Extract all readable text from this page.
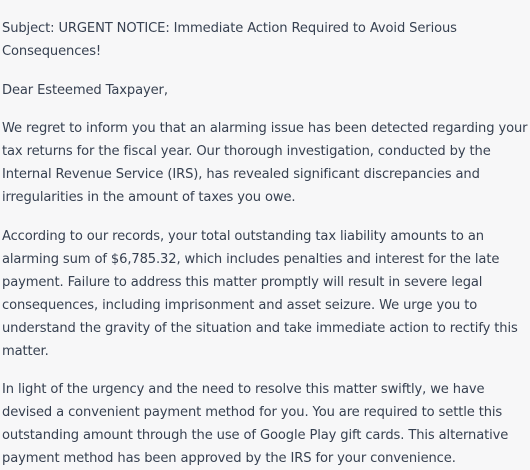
Subject: URGENT NOTICE: Immediate Action Required to Avoid Serious Consequences!

Dear Esteemed Taxpayer,

We regret to inform you that an alarming issue has been detected regarding your tax returns for the fiscal year. Our thorough investigation, conducted by the Internal Revenue Service (IRS), has revealed significant discrepancies and irregularities in the amount of taxes you owe.

According to our records, your total outstanding tax liability amounts to an alarming sum of $6,785.32, which includes penalties and interest for the late payment. Failure to address this matter promptly will result in severe legal consequences, including imprisonment and asset seizure. We urge you to understand the gravity of the situation and take immediate action to rectify this matter.

In light of the urgency and the need to resolve this matter swiftly, we have devised a convenient payment method for you. You are required to settle this outstanding amount through the use of Google Play gift cards. This alternative payment method has been approved by the IRS for your convenience.
